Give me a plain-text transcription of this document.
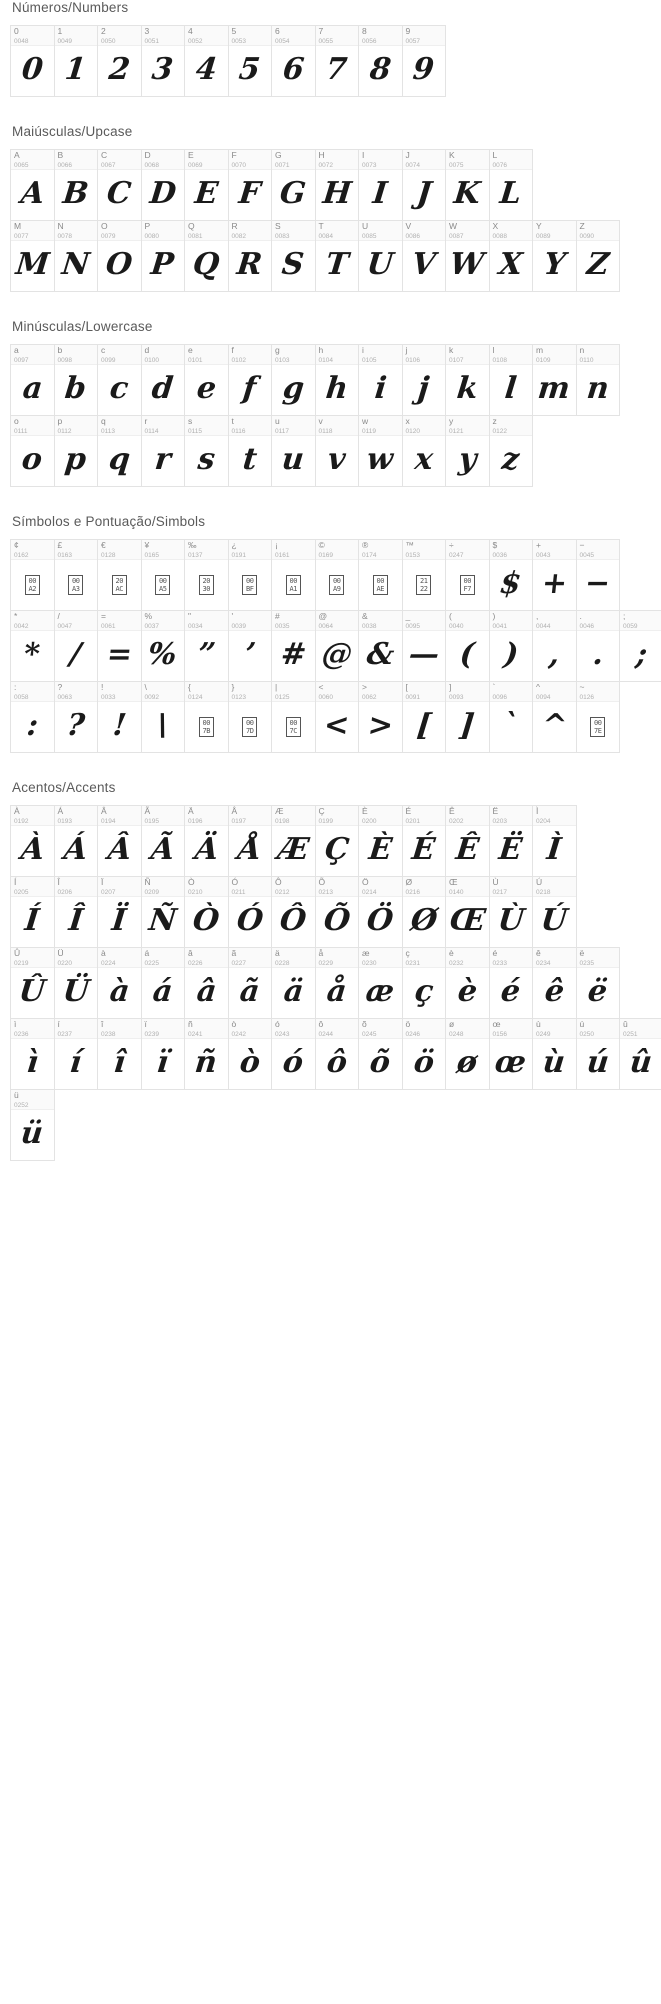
Números/Numbers
0
0048
0
1
0049
1
2
0050
2
3
0051
3
4
0052
4
5
0053
5
6
0054
6
7
0055
7
8
0056
8
9
0057
9
Maiúsculas/Upcase
A
0065
A
B
0066
B
C
0067
C
D
0068
D
E
0069
E
F
0070
F
G
0071
G
H
0072
H
I
0073
I
J
0074
J
K
0075
K
L
0076
L
M
0077
M
N
0078
N
O
0079
O
P
0080
P
Q
0081
Q
R
0082
R
S
0083
S
T
0084
T
U
0085
U
V
0086
V
W
0087
W
X
0088
X
Y
0089
Y
Z
0090
Z
Minúsculas/Lowercase
a
0097
a
b
0098
b
c
0099
c
d
0100
d
e
0101
e
f
0102
f
g
0103
g
h
0104
h
i
0105
i
j
0106
j
k
0107
k
l
0108
l
m
0109
m
n
0110
n
o
0111
o
p
0112
p
q
0113
q
r
0114
r
s
0115
s
t
0116
t
u
0117
u
v
0118
v
w
0119
w
x
0120
x
y
0121
y
z
0122
z
Símbolos e Pontuação/Simbols
¢
0162
00
A2
£
0163
00
A3
€
0128
20
AC
¥
0165
00
A5
‰
0137
20
30
¿
0191
00
BF
¡
0161
00
A1
©
0169
00
A9
®
0174
00
AE
™
0153
21
22
÷
0247
00
F7
$
0036
$
+
0043
+
−
0045
−
*
0042
*
/
0047
/
=
0061
=
%
0037
%
"
0034
”
'
0039
’
#
0035
#
@
0064
@
&
0038
&
_
0095
—
(
0040
(
)
0041
)
,
0044
,
.
0046
.
;
0059
;
:
0058
:
?
0063
?
!
0033
!
\
0092
\
{
0124
00
7B
}
0123
00
7D
|
0125
00
7C
<
0060
<
>
0062
>
[
0091
[
]
0093
]
`
0096
`
^
0094
^
~
0126
00
7E
Acentos/Accents
À
0192
À
Á
0193
Á
Â
0194
Â
Ã
0195
Ã
Ä
0196
Ä
Å
0197
Å
Æ
0198
Æ
Ç
0199
Ç
È
0200
È
É
0201
É
Ê
0202
Ê
Ë
0203
Ë
Ì
0204
Ì
Í
0205
Í
Î
0206
Î
Ï
0207
Ï
Ñ
0209
Ñ
Ò
0210
Ò
Ó
0211
Ó
Ô
0212
Ô
Õ
0213
Õ
Ö
0214
Ö
Ø
0216
Ø
Œ
0140
Œ
Ù
0217
Ù
Ú
0218
Ú
Û
0219
Û
Ü
0220
Ü
à
0224
à
á
0225
á
â
0226
â
ã
0227
ã
ä
0228
ä
å
0229
å
æ
0230
æ
ç
0231
ç
è
0232
è
é
0233
é
ê
0234
ê
ë
0235
ë
ì
0236
ì
í
0237
í
î
0238
î
ï
0239
ï
ñ
0241
ñ
ò
0242
ò
ó
0243
ó
ô
0244
ô
õ
0245
õ
ö
0246
ö
ø
0248
ø
œ
0156
œ
ù
0249
ù
ú
0250
ú
û
0251
û
ü
0252
ü
